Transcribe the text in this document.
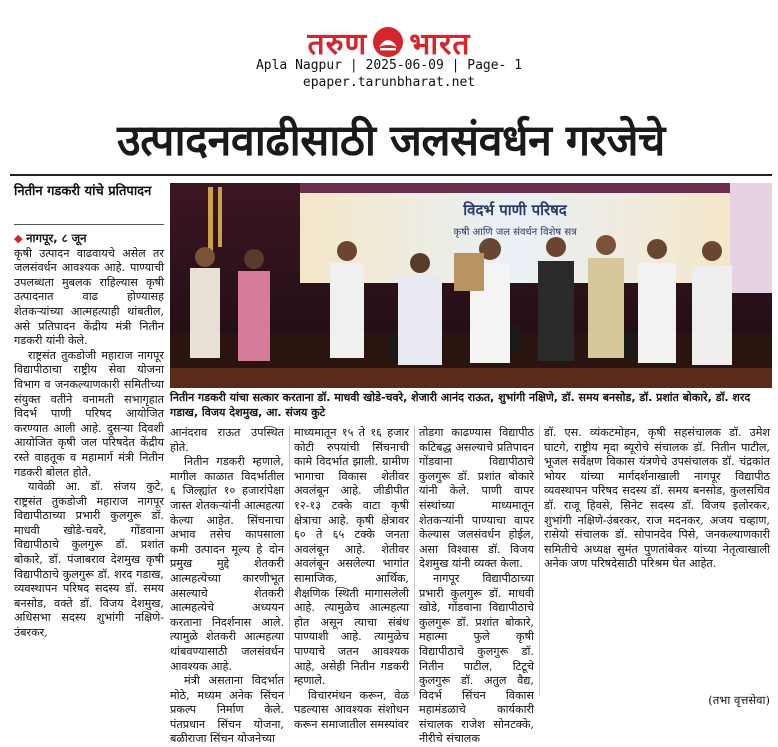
तरुण भारत
Apla Nagpur | 2025-06-09 | Page- 1
epaper.tarunbharat.net
उत्पादनवाढीसाठी जलसंवर्धन गरजेचे
नितीन गडकरी यांचे प्रतिपादन

◆ नागपूर, ८ जून
कृषी उत्पादन वाढवायचे असेल तर जलसंवर्धन आवश्यक आहे. पाण्याची उपलब्धता मुबलक राहिल्यास कृषी उत्पादनात वाढ होण्यासह शेतकऱ्यांच्या आत्महत्याही थांबतील, असे प्रतिपादन केंद्रीय मंत्री नितीन गडकरी यांनी केले.

राष्ट्रसंत तुकडोजी महाराज नागपूर विद्यापीठाचा राष्ट्रीय सेवा योजना विभाग व जनकल्याणकारी समितीच्या संयुक्त वतीने वनामती सभागृहात विदर्भ पाणी परिषद आयोजित करण्यात आली आहे. दुसऱ्या दिवशी आयोजित कृषी जल परिषदेत केंद्रीय रस्ते वाहतूक व महामार्ग मंत्री नितीन गडकरी बोलत होते.

यावेळी आ. डॉ. संजय कुटे, राष्ट्रसंत तुकडोजी महाराज नागपूर विद्यापीठाच्या प्रभारी कुलगुरू डॉ. माधवी खोडे-चवरे, गोंडवाना विद्यापीठाचे कुलगुरू डॉ. प्रशांत बोकारे, डॉ. पंजाबराव देशमुख कृषी विद्यापीठाचे कुलगुरू डॉ. शरद गडाख, व्यवस्थापन परिषद सदस्य डॉ. समय बनसोड, वक्ते डॉ. विजय देशमुख, अधिसभा सदस्य शुभांगी नक्षिणे-उंबरकर,

विदर्भ पाणी परिषद
कृषी आणि जल संवर्धन विशेष सत्र
नितीन गडकरी यांचा सत्कार करताना डॉ. माधवी खोडे-चवरे, शेजारी आनंद राऊत, शुभांगी नक्षिणे, डॉ. समय बनसोड, डॉ. प्रशांत बोकारे, डॉ. शरद गडाख, विजय देशमुख, आ. संजय कुटे

आनंदराव राऊत उपस्थित होते.

नितीन गडकरी म्हणाले, मागील काळात विदर्भातील ६ जिल्ह्यांत १० हजारांपेक्षा जास्त शेतकऱ्यांनी आत्महत्या केल्या आहेत. सिंचनाचा अभाव तसेच कापसाला कमी उत्पादन मूल्य हे दोन प्रमुख मुद्दे शेतकरी आत्महत्येच्या कारणीभूत असल्याचे शेतकरी आत्महत्येचे अध्ययन करताना निदर्शनास आले. त्यामुळे शेतकरी आत्महत्या थांबवण्यासाठी जलसंवर्धन आवश्यक आहे.

मंत्री असताना विदर्भात मोठे, मध्यम अनेक सिंचन प्रकल्प निर्माण केले. पंतप्रधान सिंचन योजना, बळीराजा सिंचन योजनेच्या

माध्यमातून १५ ते १६ हजार कोटी रुपयांची सिंचनाची कामे विदर्भात झाली. ग्रामीण भागाचा विकास शेतीवर अवलंबून आहे. जीडीपीत १२-१३ टक्के वाटा कृषी क्षेत्राचा आहे. कृषी क्षेत्रावर ६० ते ६५ टक्के जनता अवलंबून आहे. शेतीवर अवलंबून असलेल्या भागांत सामाजिक, आर्थिक, शैक्षणिक स्थिती मागासलेली आहे. त्यामुळेच आत्महत्या होत असून त्याचा संबंध पाण्याशी आहे. त्यामुळेच पाण्याचे जतन आवश्यक आहे, असेही नितीन गडकरी म्हणाले.

विचारमंथन करून, वेळ पडल्यास आवश्यक संशोधन करून समाजातील समस्यांवर

तोडगा काढण्यास विद्यापीठ कटिबद्ध असल्याचे प्रतिपादन गोंडवाना विद्यापीठाचे कुलगुरू डॉ. प्रशांत बोकारे यांनी केले. पाणी वापर संस्थांच्या माध्यमातून शेतकऱ्यांनी पाण्याचा वापर केल्यास जलसंवर्धन होईल, असा विश्वास डॉ. विजय देशमुख यांनी व्यक्त केला.

नागपूर विद्यापीठाच्या प्रभारी कुलगुरू डॉ. माधवी खोडे, गोंडवाना विद्यापीठाचे कुलगुरू डॉ. प्रशांत बोकारे, महात्मा फुले कृषी विद्यापीठाचे कुलगुरू डॉ. नितीन पाटील, टिटूचे कुलगुरू डॉ. अतुल वैद्य, विदर्भ सिंचन विकास महामंडळाचे कार्यकारी संचालक राजेश सोनटक्के, नीरीचे संचालक

डॉ. एस. व्यंकटमोहन, कृषी सहसंचालक डॉ. उमेश घाटगे, राष्ट्रीय मृदा ब्यूरोचे संचालक डॉ. नितीन पाटील, भूजल सर्वेक्षण विकास यंत्रणेचे उपसंचालक डॉ. चंद्रकांत भोयर यांच्या मार्गदर्शनाखाली नागपूर विद्यापीठ व्यवस्थापन परिषद सदस्य डॉ. समय बनसोड, कुलसचिव डॉ. राजू हिवसे, सिनेट सदस्य डॉ. विजय इलोरकर, शुभांगी नक्षिणे-उंबरकर, राज मदनकर, अजय चव्हाण, रासेयो संचालक डॉ. सोपानदेव पिसे, जनकल्याणकारी समितीचे अध्यक्ष सुमंत पुणतांबेकर यांच्या नेतृत्वाखाली अनेक जण परिषदेसाठी परिश्रम घेत आहेत.

(तभा वृत्तसेवा)
